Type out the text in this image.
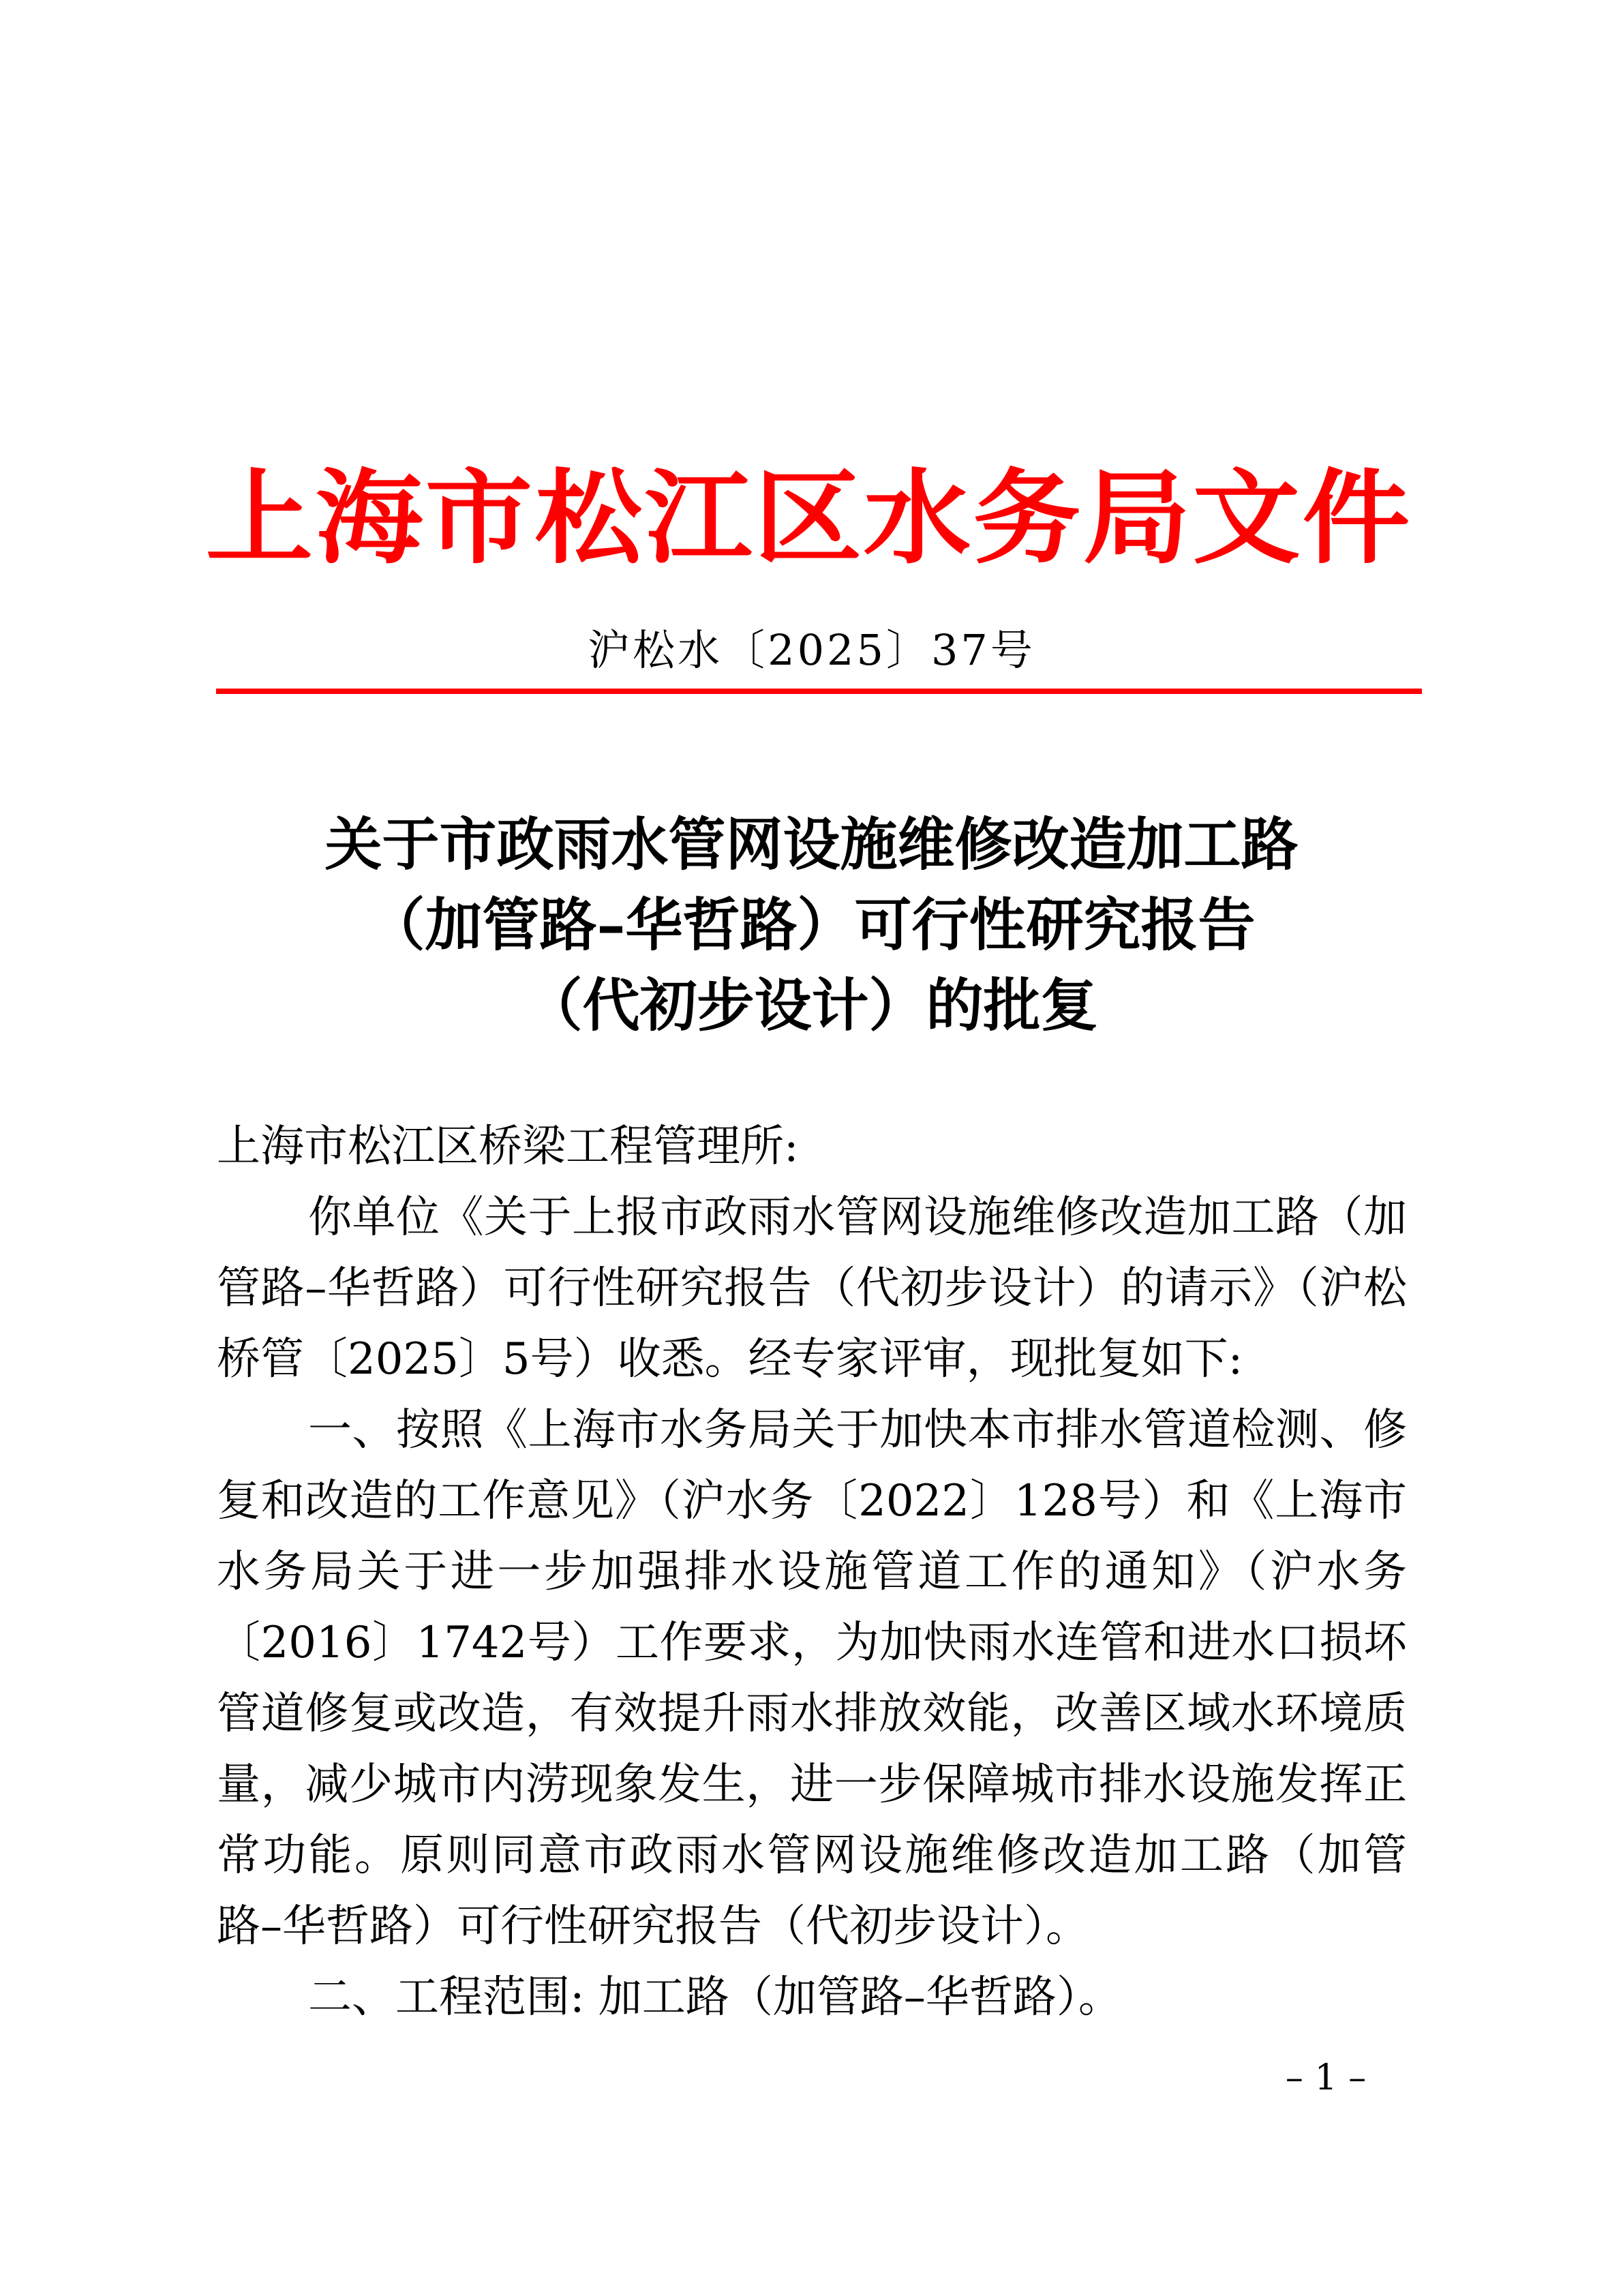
上 海 市 松 江 区 水 务 局 文 件
沪松水〔2025〕37号
关于市政雨水管网设施维修改造加工路
（加管路–华哲路）可行性研究报告
（代初步设计）的批复

上海市松江区桥梁工程管理所:

你单位《关于上报市政雨水管网设施维修改造加工路（加管路–华哲路）可行性研究报告（代初步设计）的请示》（沪松桥管〔2025〕5号）收悉。经专家评审，现批复如下:

一、按照《上海市水务局关于加快本市排水管道检测、修复和改造的工作意见》（沪水务〔2022〕128号）和《上海市水务局关于进一步加强排水设施管道工作的通知》（沪水务〔2016〕1742号）工作要求，为加快雨水连管和进水口损坏管道修复或改造，有效提升雨水排放效能，改善区域水环境质量，减少城市内涝现象发生，进一步保障城市排水设施发挥正常功能。原则同意市政雨水管网设施维修改造加工路（加管路–华哲路）可行性研究报告（代初步设计）。

二、工程范围: 加工路（加管路–华哲路）。

– 1 –
